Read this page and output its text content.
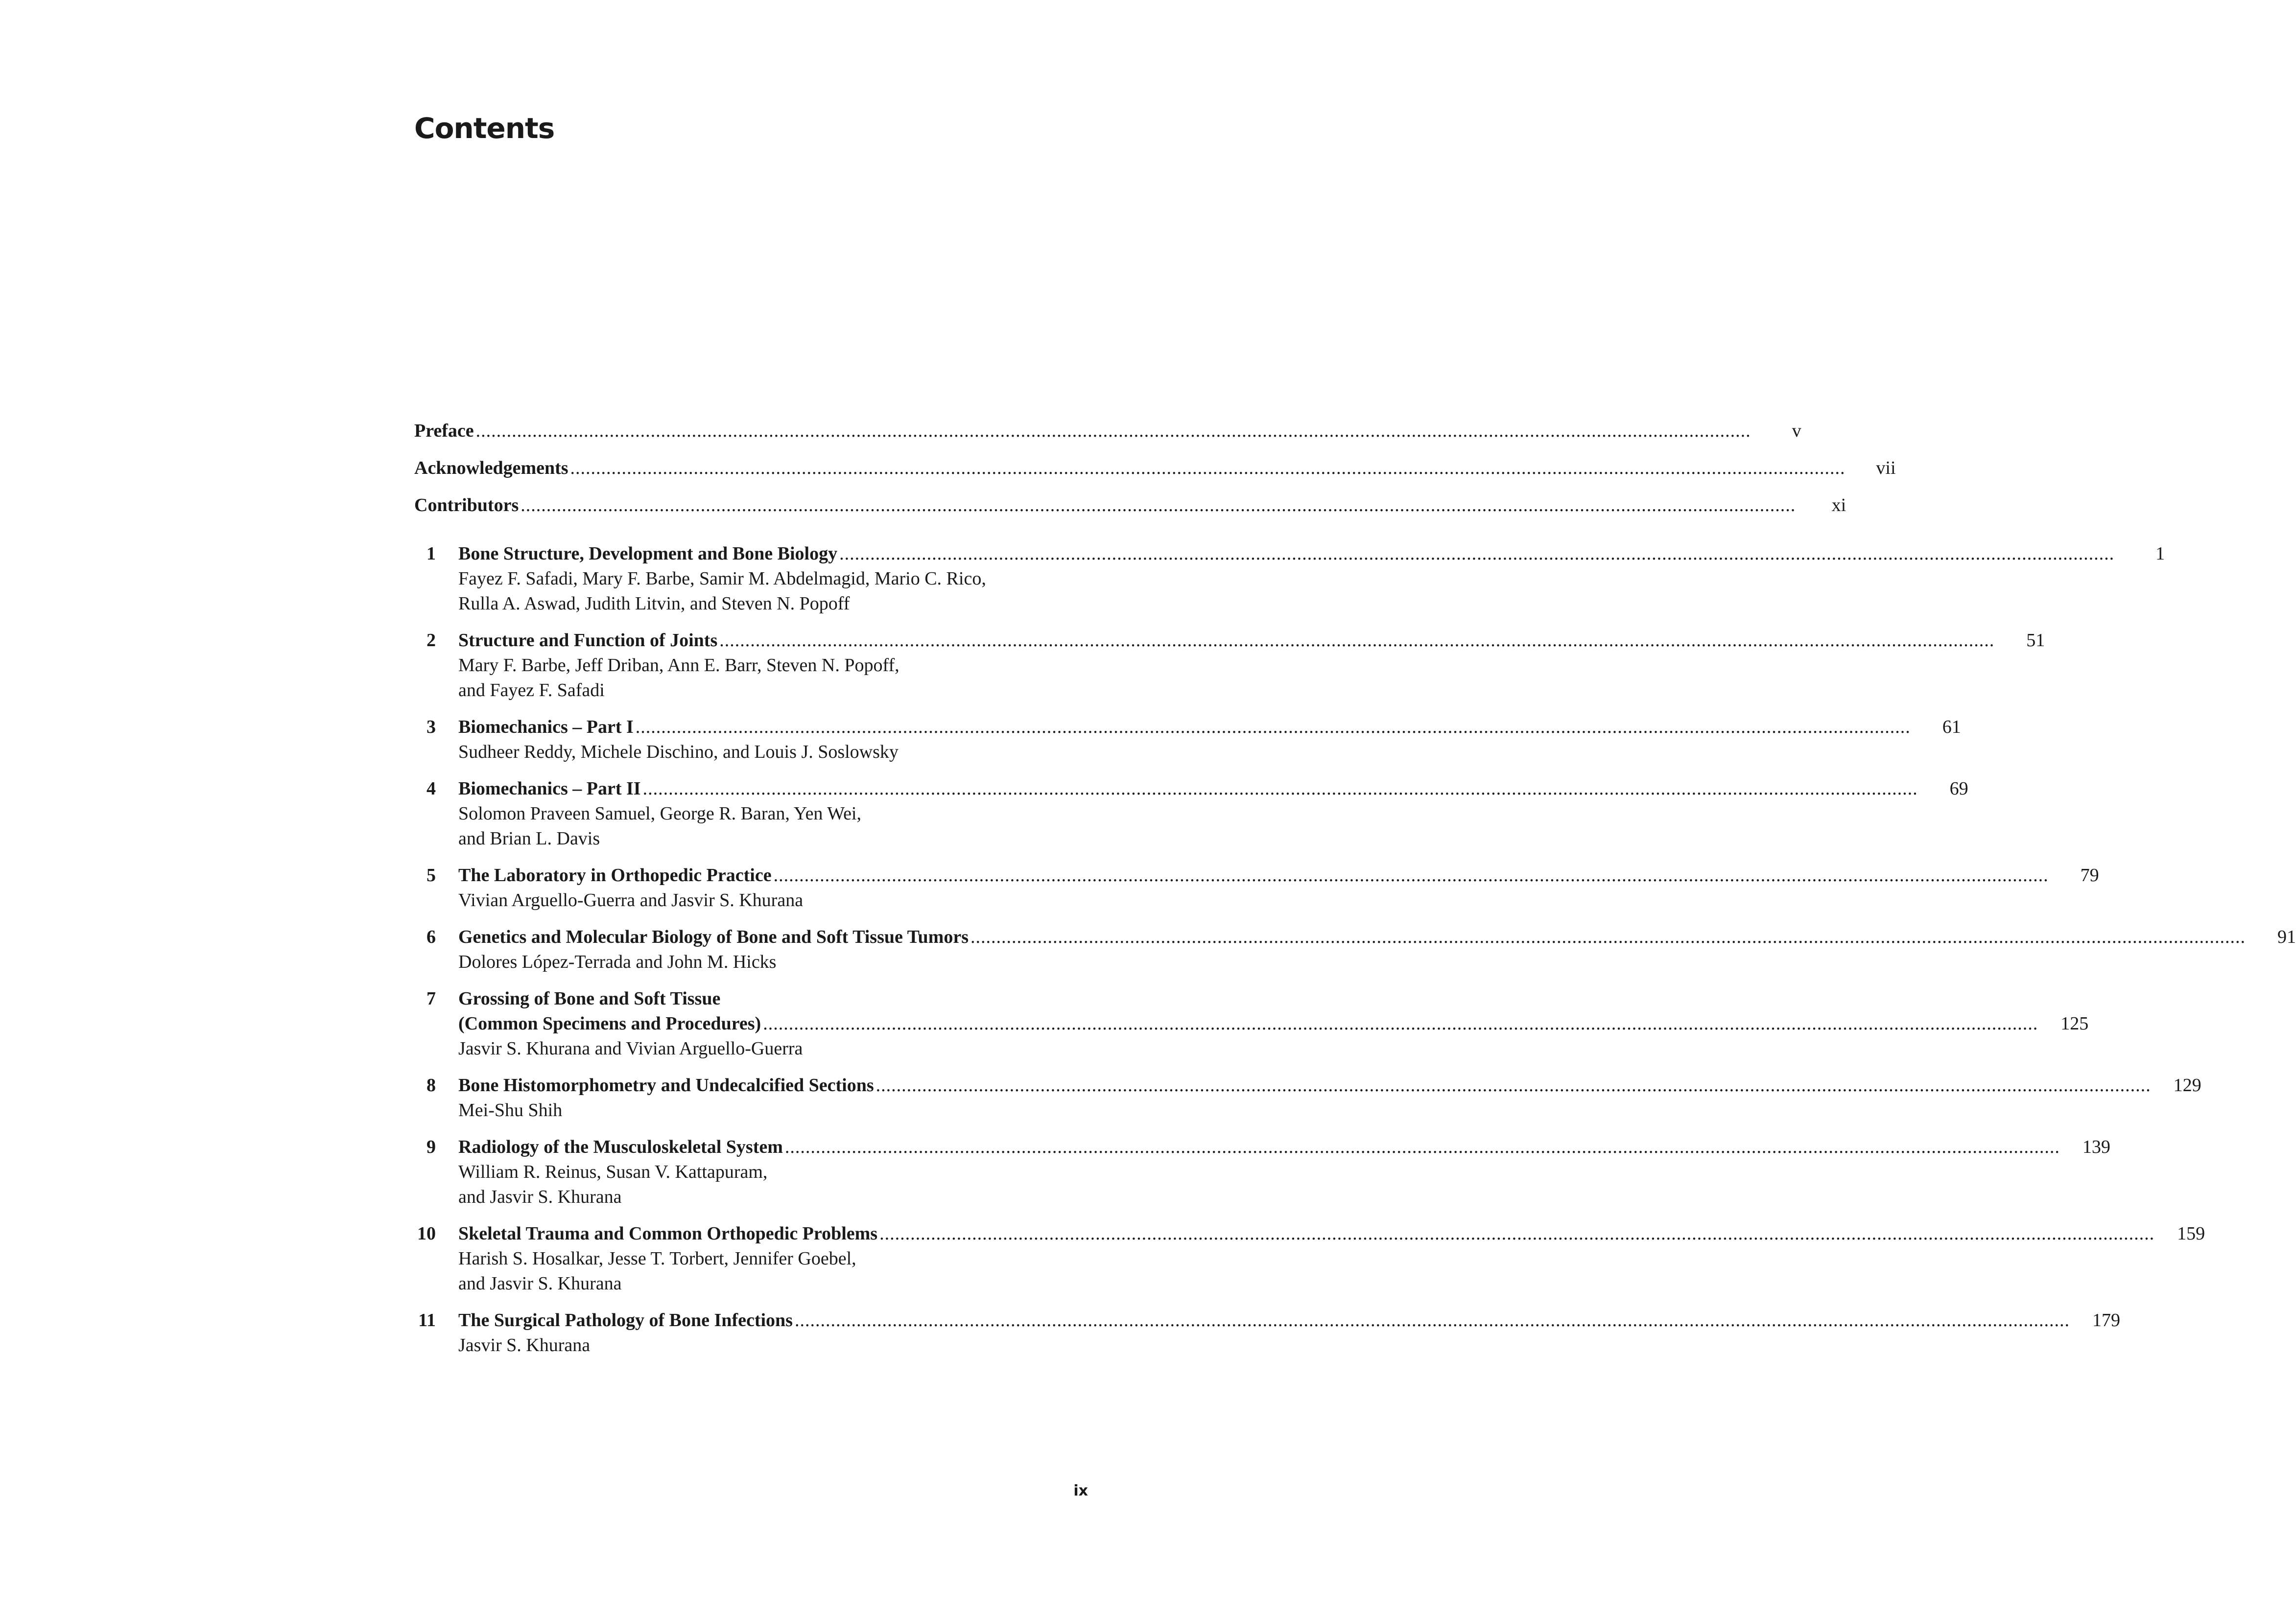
Contents
Preface .....	v
Acknowledgements .....	vii
Contributors .....	xi
1 Bone Structure, Development and Bone Biology .....	1
Fayez F. Safadi, Mary F. Barbe, Samir M. Abdelmagid, Mario C. Rico,
Rulla A. Aswad, Judith Litvin, and Steven N. Popoff
2 Structure and Function of Joints .....	51
Mary F. Barbe, Jeff Driban, Ann E. Barr, Steven N. Popoff,
and Fayez F. Safadi
3 Biomechanics – Part I .....	61
Sudheer Reddy, Michele Dischino, and Louis J. Soslowsky
4 Biomechanics – Part II .....	69
Solomon Praveen Samuel, George R. Baran, Yen Wei,
and Brian L. Davis
5 The Laboratory in Orthopedic Practice .....	79
Vivian Arguello-Guerra and Jasvir S. Khurana
6 Genetics and Molecular Biology of Bone and Soft Tissue Tumors .....	91
Dolores López-Terrada and John M. Hicks
7 Grossing of Bone and Soft Tissue
(Common Specimens and Procedures) .....	125
Jasvir S. Khurana and Vivian Arguello-Guerra
8 Bone Histomorphometry and Undecalcified Sections .....	129
Mei-Shu Shih
9 Radiology of the Musculoskeletal System .....	139
William R. Reinus, Susan V. Kattapuram,
and Jasvir S. Khurana
10 Skeletal Trauma and Common Orthopedic Problems .....	159
Harish S. Hosalkar, Jesse T. Torbert, Jennifer Goebel,
and Jasvir S. Khurana
11 The Surgical Pathology of Bone Infections .....	179
Jasvir S. Khurana
ix
